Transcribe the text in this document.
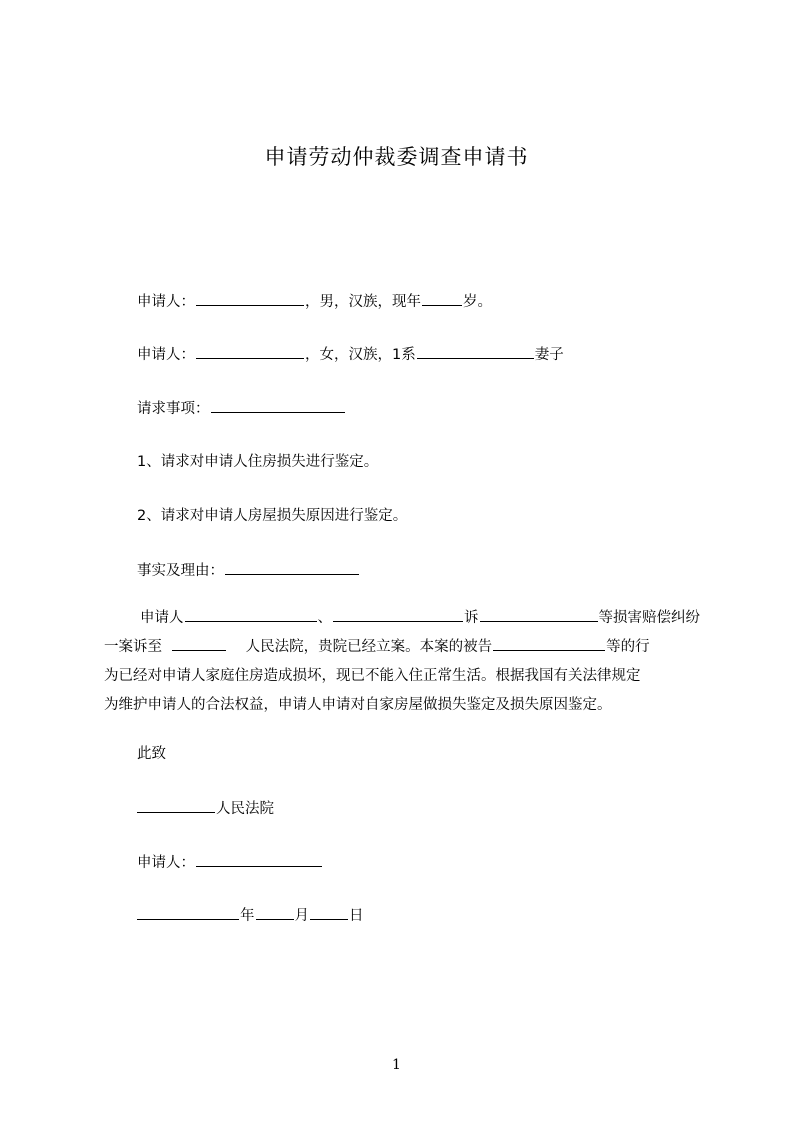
申请劳动仲裁委调查申请书
申请人：	，男，汉族，现年	岁。
申请人：	，女，汉族，1系	妻子
请求事项：
1、请求对申请人住房损失进行鉴定。
2、请求对申请人房屋损失原因进行鉴定。
事实及理由：
申请人	、	诉	等损害赔偿纠纷
一案诉至	人民法院，贵院已经立案。本案的被告	等的行
为已经对申请人家庭住房造成损坏，现已不能入住正常生活。根据我国有关法律规定
为维护申请人的合法权益，申请人申请对自家房屋做损失鉴定及损失原因鉴定。
此致
人民法院
申请人：
年	月	日
1
